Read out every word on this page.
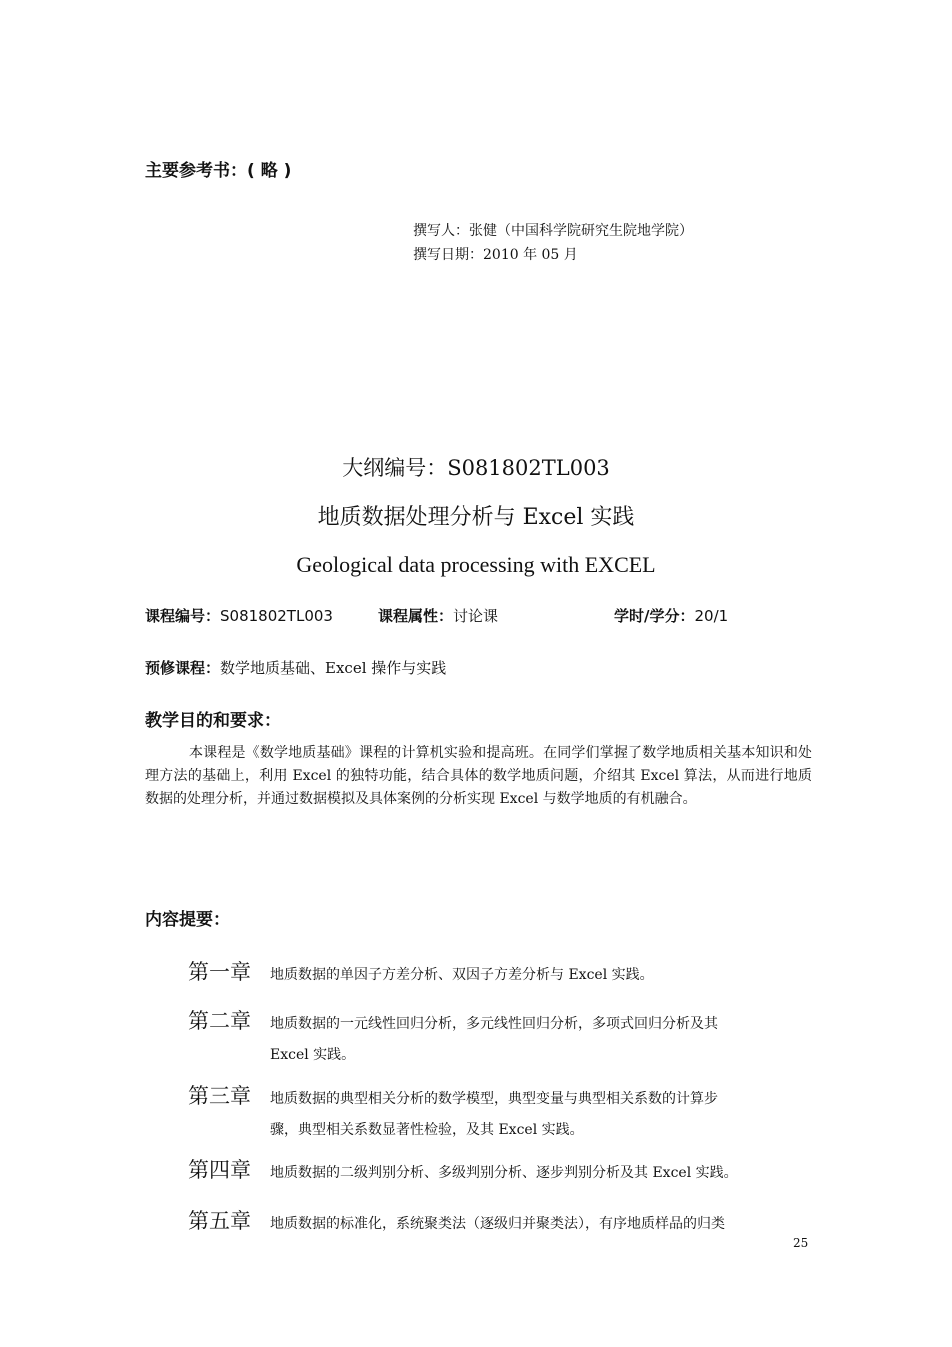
主要参考书：( 略 )
撰写人：张健（中国科学院研究生院地学院）
撰写日期：2010 年 05 月
大纲编号：S081802TL003
地质数据处理分析与 Excel 实践
Geological data processing with EXCEL
课程编号：S081802TL003	课程属性：讨论课	学时/学分：20/1
预修课程：数学地质基础、Excel 操作与实践
教学目的和要求：
本课程是《数学地质基础》课程的计算机实验和提高班。在同学们掌握了数学地质相关基本知识和处理方法的基础上，利用 Excel 的独特功能，结合具体的数学地质问题，介绍其 Excel 算法，从而进行地质数据的处理分析，并通过数据模拟及具体案例的分析实现 Excel 与数学地质的有机融合。
内容提要：
第一章 地质数据的单因子方差分析、双因子方差分析与 Excel 实践。
第二章 地质数据的一元线性回归分析，多元线性回归分析，多项式回归分析及其
Excel 实践。
第三章 地质数据的典型相关分析的数学模型，典型变量与典型相关系数的计算步
骤，典型相关系数显著性检验，及其 Excel 实践。
第四章 地质数据的二级判别分析、多级判别分析、逐步判别分析及其 Excel 实践。
第五章 地质数据的标准化，系统聚类法（逐级归并聚类法），有序地质样品的归类
25
